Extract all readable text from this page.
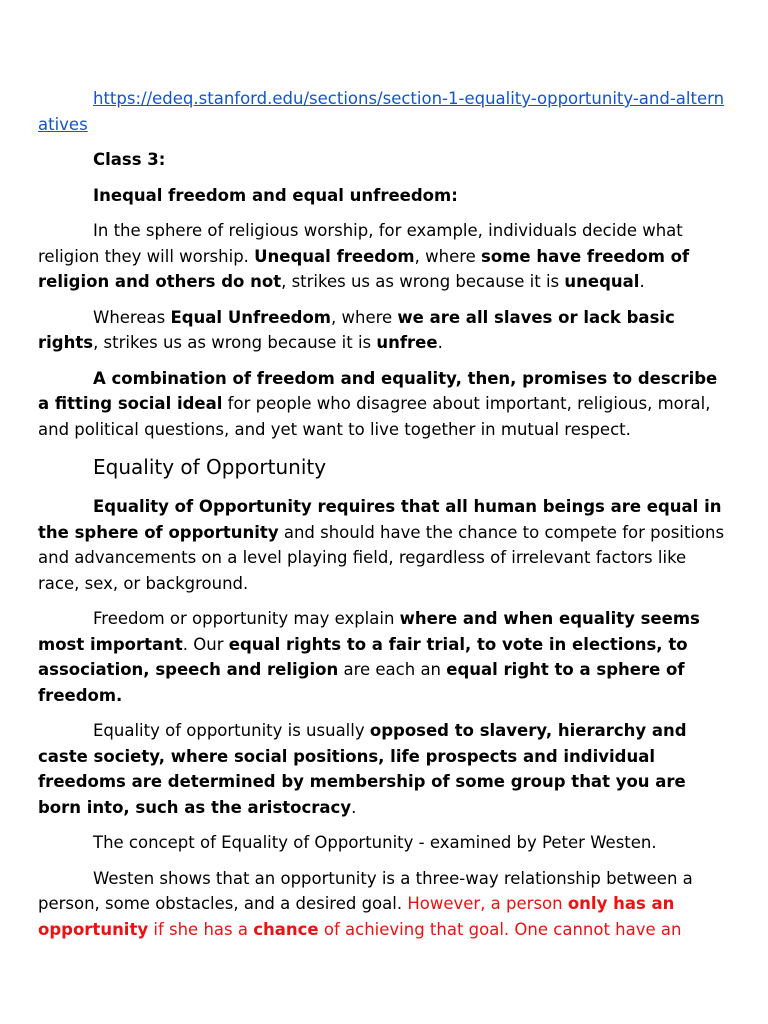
https://edeq.stanford.edu/sections/section-1-equality-opportunity-and-alternatives

Class 3:

Inequal freedom and equal unfreedom:

In the sphere of religious worship, for example, individuals decide what religion they will worship. Unequal freedom, where some have freedom of religion and others do not, strikes us as wrong because it is unequal.

Whereas Equal Unfreedom, where we are all slaves or lack basic rights, strikes us as wrong because it is unfree.

A combination of freedom and equality, then, promises to describe a fitting social ideal for people who disagree about important, religious, moral, and political questions, and yet want to live together in mutual respect.

Equality of Opportunity

Equality of Opportunity requires that all human beings are equal in the sphere of opportunity and should have the chance to compete for positions and advancements on a level playing field, regardless of irrelevant factors like race, sex, or background.

Freedom or opportunity may explain where and when equality seems most important. Our equal rights to a fair trial, to vote in elections, to association, speech and religion are each an equal right to a sphere of freedom.

Equality of opportunity is usually opposed to slavery, hierarchy and caste society, where social positions, life prospects and individual freedoms are determined by membership of some group that you are born into, such as the aristocracy.

The concept of Equality of Opportunity - examined by Peter Westen.

Westen shows that an opportunity is a three-way relationship between a person, some obstacles, and a desired goal. However, a person only has an opportunity if she has a chance of achieving that goal. One cannot have an
